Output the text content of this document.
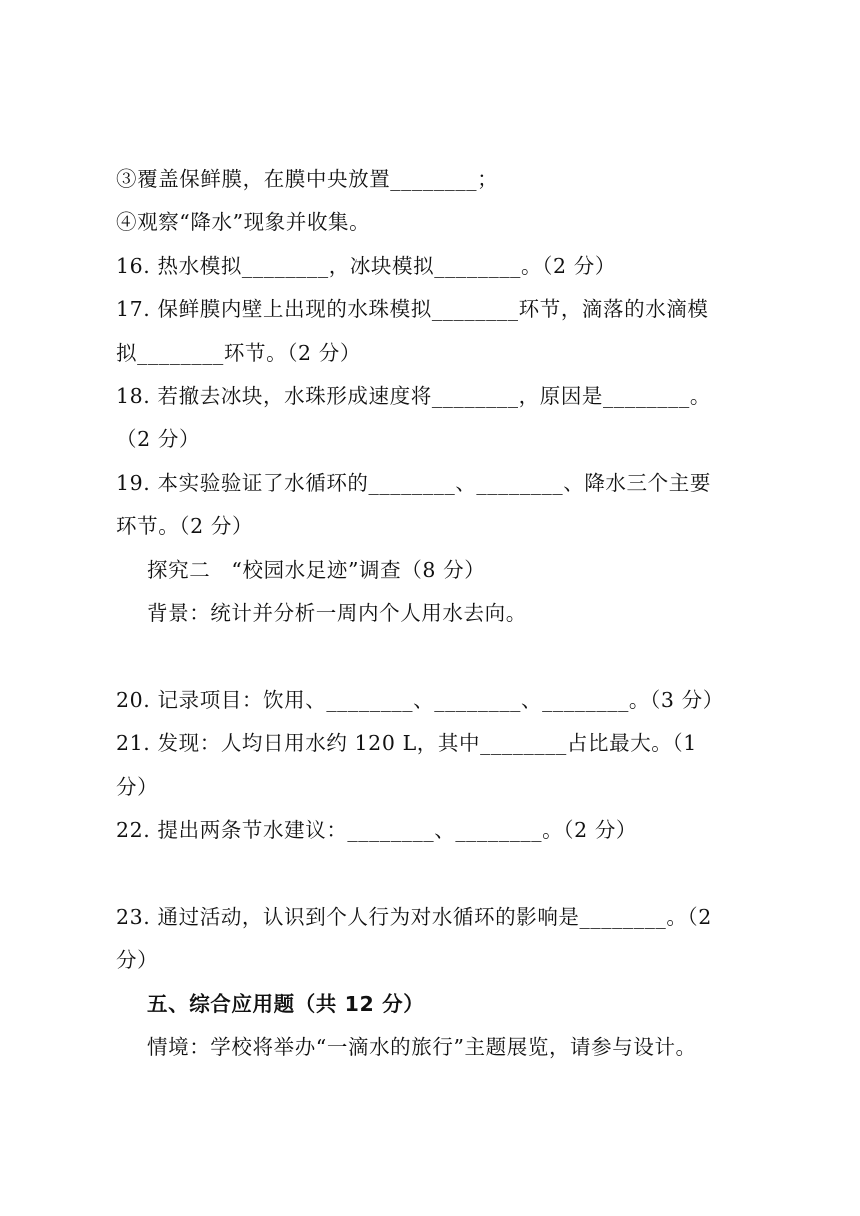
③覆盖保鲜膜，在膜中央放置________；
④观察“降水”现象并收集。
16. 热水模拟________，冰块模拟________。（2 分）
17. 保鲜膜内壁上出现的水珠模拟________环节，滴落的水滴模
拟________环节。（2 分）
18. 若撤去冰块，水珠形成速度将________，原因是________。
（2 分）
19. 本实验验证了水循环的________、________、降水三个主要
环节。（2 分）
探究二　“校园水足迹”调查（8 分）
背景：统计并分析一周内个人用水去向。
20. 记录项目：饮用、________、________、________。（3 分）
21. 发现：人均日用水约 120 L，其中________占比最大。（1
分）
22. 提出两条节水建议：________、________。（2 分）
23. 通过活动，认识到个人行为对水循环的影响是________。（2
分）
五、综合应用题（共 12 分）
情境：学校将举办“一滴水的旅行”主题展览，请参与设计。
